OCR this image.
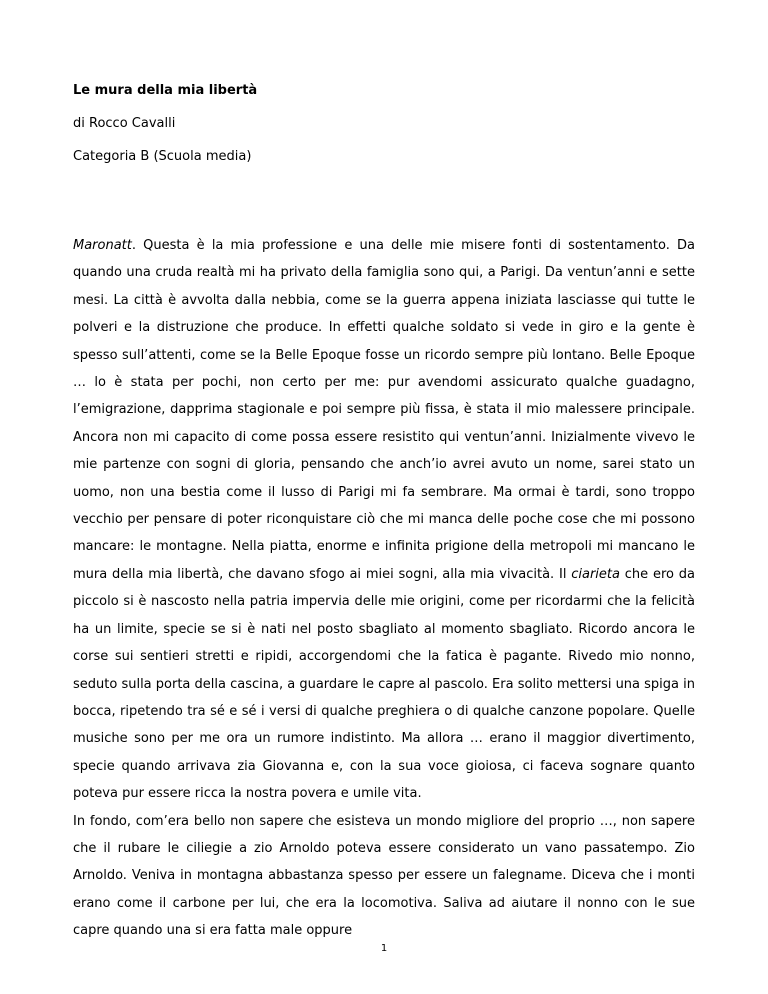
Le mura della mia libertà

di Rocco Cavalli

Categoria B (Scuola media)

Maronatt. Questa è la mia professione e una delle mie misere fonti di sostentamento. Da quando una cruda realtà mi ha privato della famiglia sono qui, a Parigi. Da ventun’anni e sette mesi. La città è avvolta dalla nebbia, come se la guerra appena iniziata lasciasse qui tutte le polveri e la distruzione che produce. In effetti qualche soldato si vede in giro e la gente è spesso sull’attenti, come se la Belle Epoque fosse un ricordo sempre più lontano. Belle Epoque … lo è stata per pochi, non certo per me: pur avendomi assicurato qualche guadagno, l’emigrazione, dapprima stagionale e poi sempre più fissa, è stata il mio malessere principale. Ancora non mi capacito di come possa essere resistito qui ventun’anni. Inizialmente vivevo le mie partenze con sogni di gloria, pensando che anch’io avrei avuto un nome, sarei stato un uomo, non una bestia come il lusso di Parigi mi fa sembrare. Ma ormai è tardi, sono troppo vecchio per pensare di poter riconquistare ciò che mi manca delle poche cose che mi possono mancare: le montagne. Nella piatta, enorme e infinita prigione della metropoli mi mancano le mura della mia libertà, che davano sfogo ai miei sogni, alla mia vivacità. Il ciarieta che ero da piccolo si è nascosto nella patria impervia delle mie origini, come per ricordarmi che la felicità ha un limite, specie se si è nati nel posto sbagliato al momento sbagliato. Ricordo ancora le corse sui sentieri stretti e ripidi, accorgendomi che la fatica è pagante. Rivedo mio nonno, seduto sulla porta della cascina, a guardare le capre al pascolo. Era solito mettersi una spiga in bocca, ripetendo tra sé e sé i versi di qualche preghiera o di qualche canzone popolare. Quelle musiche sono per me ora un rumore indistinto. Ma allora … erano il maggior divertimento, specie quando arrivava zia Giovanna e, con la sua voce gioiosa, ci faceva sognare quanto poteva pur essere ricca la nostra povera e umile vita.

In fondo, com’era bello non sapere che esisteva un mondo migliore del proprio …, non sapere che il rubare le ciliegie a zio Arnoldo poteva essere considerato un vano passatempo. Zio Arnoldo. Veniva in montagna abbastanza spesso per essere un falegname. Diceva che i monti erano come il carbone per lui, che era la locomotiva. Saliva ad aiutare il nonno con le sue capre quando una si era fatta male oppure

1
